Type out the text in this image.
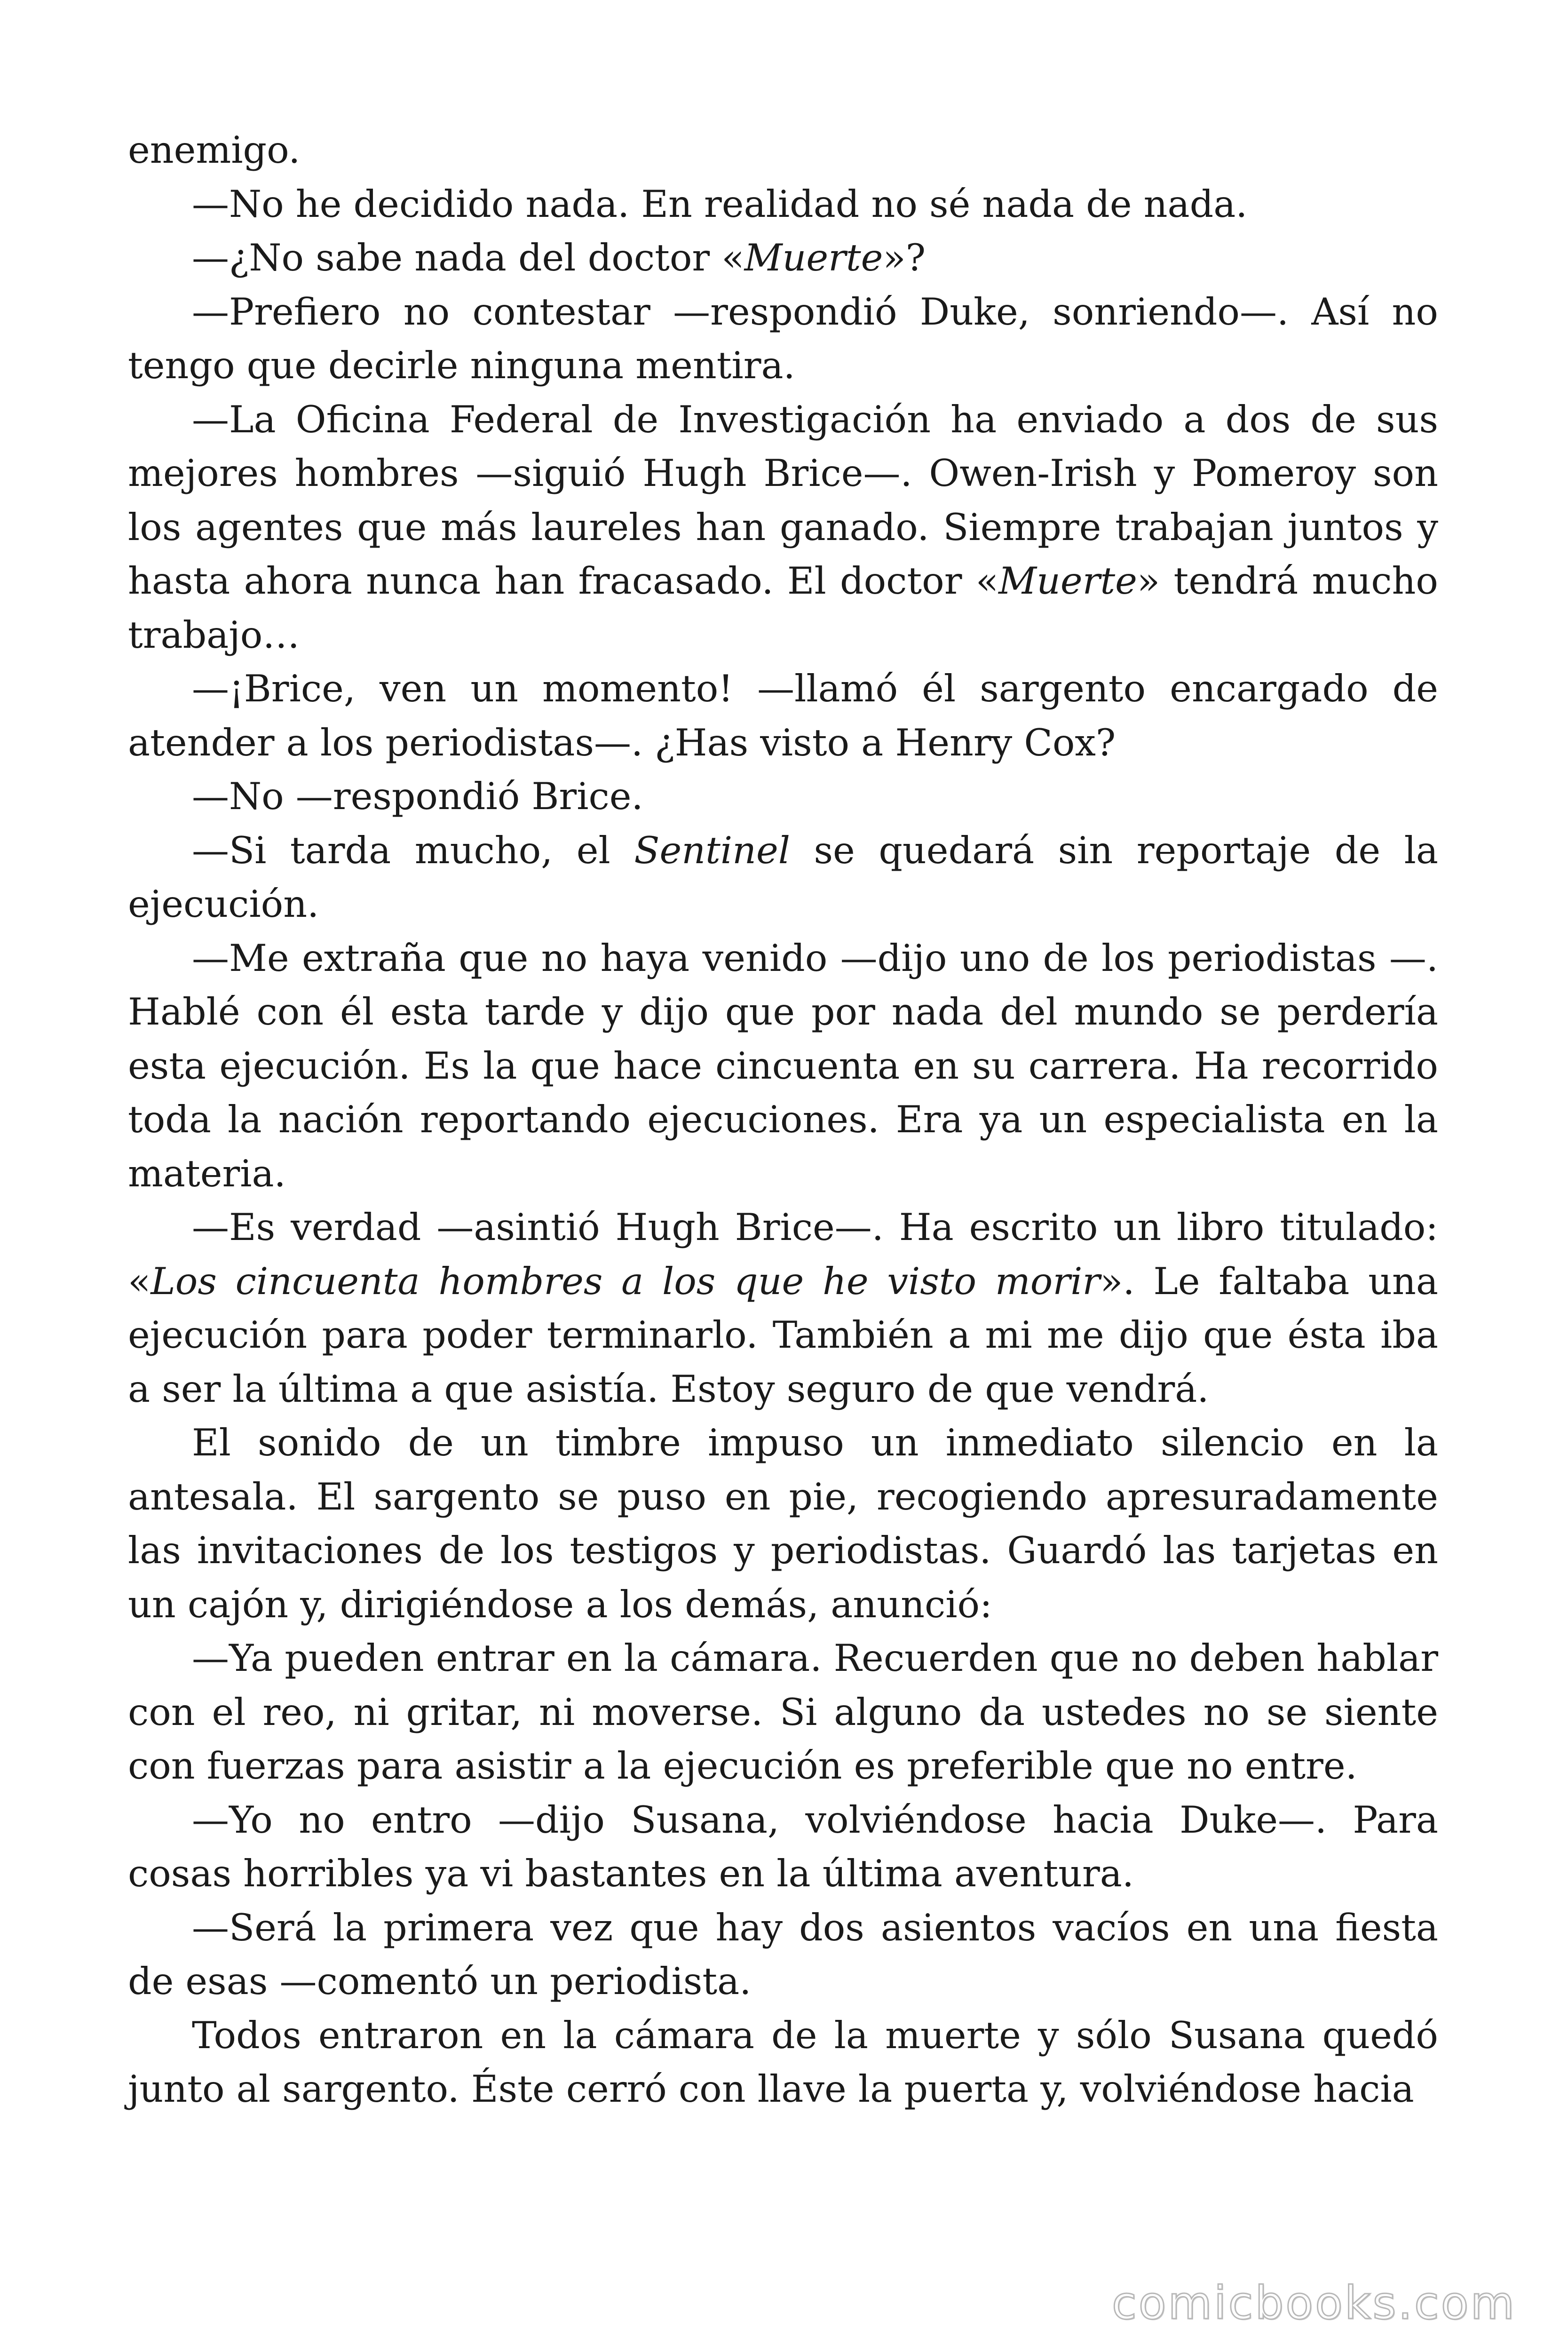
enemigo.

—No he decidido nada. En realidad no sé nada de nada.

—¿No sabe nada del doctor «Muerte»?

—Prefiero no contestar —respondió Duke, sonriendo—. Así no tengo que decirle ninguna mentira.

—La Oficina Federal de Investigación ha enviado a dos de sus mejores hombres —siguió Hugh Brice—. Owen-Irish y Pomeroy son los agentes que más laureles han ganado. Siempre trabajan juntos y hasta ahora nunca han fracasado. El doctor «Muerte» tendrá mucho trabajo…

—¡Brice, ven un momento! —llamó él sargento encargado de atender a los periodistas—. ¿Has visto a Henry Cox?

—No —respondió Brice.

—Si tarda mucho, el Sentinel se quedará sin reportaje de la ejecución.

—Me extraña que no haya venido —dijo uno de los periodistas —. Hablé con él esta tarde y dijo que por nada del mundo se perdería esta ejecución. Es la que hace cincuenta en su carrera. Ha recorrido toda la nación reportando ejecuciones. Era ya un especialista en la materia.

—Es verdad —asintió Hugh Brice—. Ha escrito un libro titulado: «Los cincuenta hombres a los que he visto morir». Le faltaba una ejecución para poder terminarlo. También a mi me dijo que ésta iba a ser la última a que asistía. Estoy seguro de que vendrá.

El sonido de un timbre impuso un inmediato silencio en la antesala. El sargento se puso en pie, recogiendo apresuradamente las invitaciones de los testigos y periodistas. Guardó las tarjetas en un cajón y, dirigiéndose a los demás, anunció:

—Ya pueden entrar en la cámara. Recuerden que no deben hablar con el reo, ni gritar, ni moverse. Si alguno da ustedes no se siente con fuerzas para asistir a la ejecución es preferible que no entre.

—Yo no entro —dijo Susana, volviéndose hacia Duke—. Para cosas horribles ya vi bastantes en la última aventura.

—Será la primera vez que hay dos asientos vacíos en una fiesta de esas —comentó un periodista.

Todos entraron en la cámara de la muerte y sólo Susana quedó junto al sargento. Éste cerró con llave la puerta y, volviéndose hacia

comicbooks.com
